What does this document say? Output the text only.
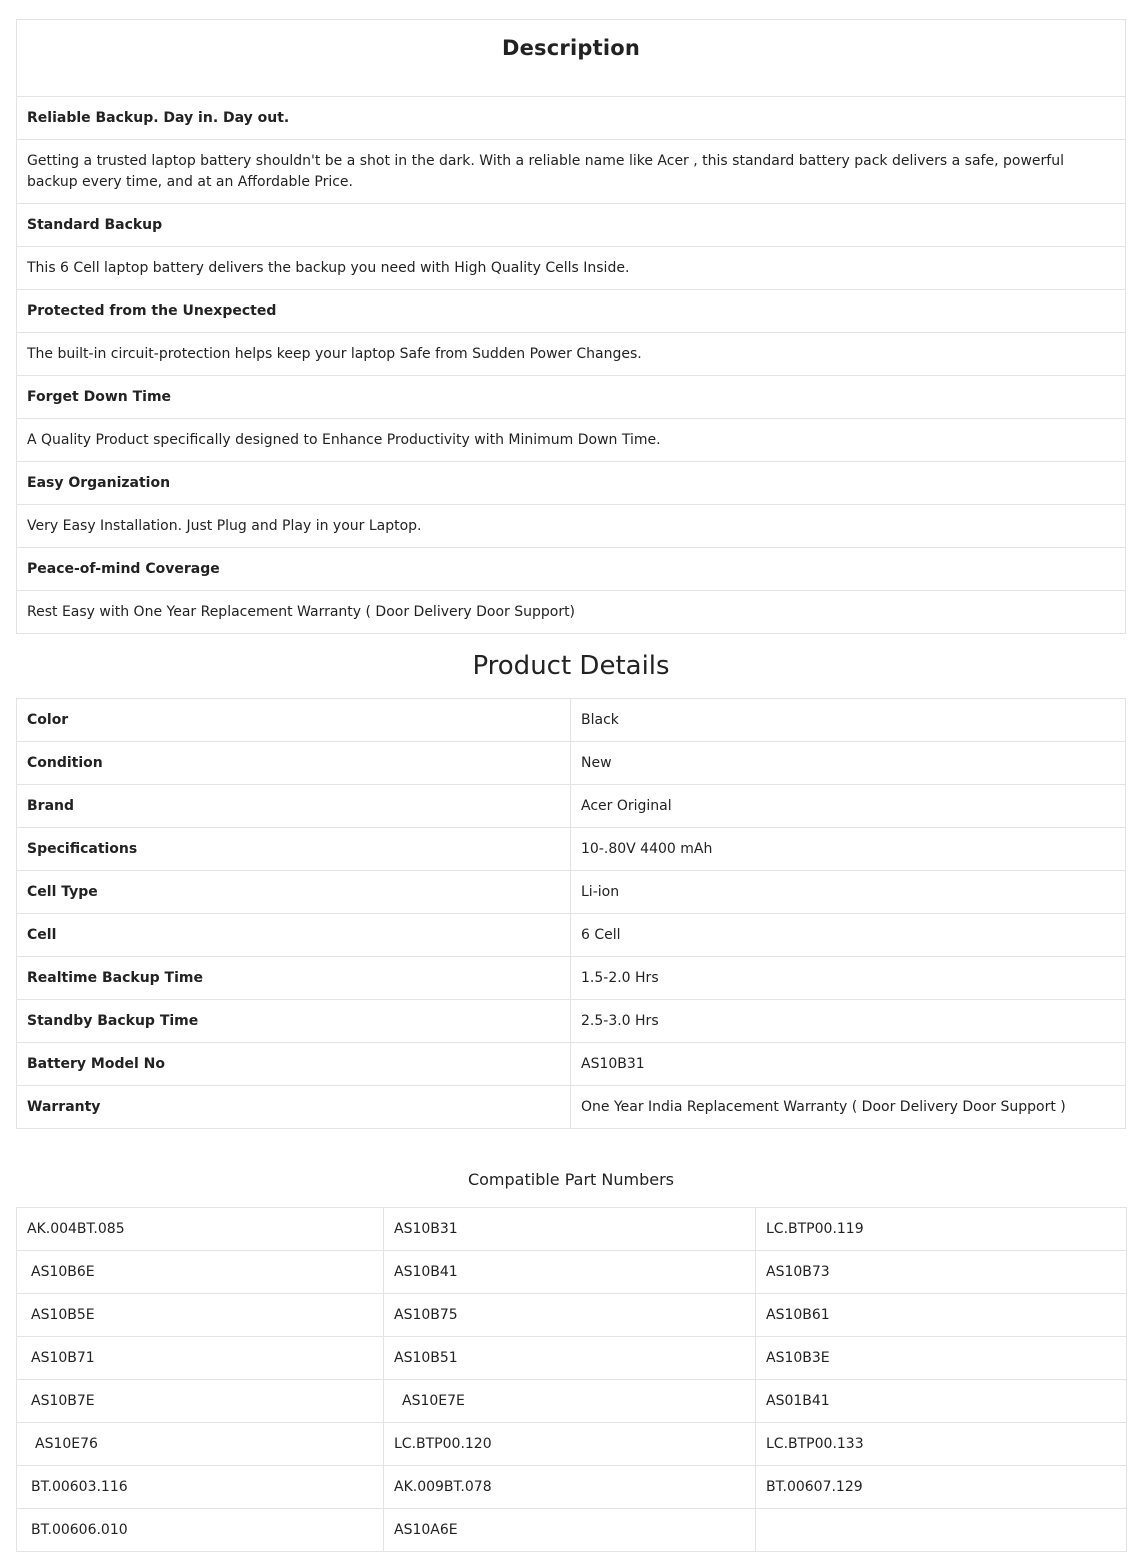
Description
Reliable Backup. Day in. Day out.
Getting a trusted laptop battery shouldn't be a shot in the dark. With a reliable name like Acer , this standard battery pack delivers a safe, powerful backup every time, and at an Affordable Price.
Standard Backup
This 6 Cell laptop battery delivers the backup you need with High Quality Cells Inside.
Protected from the Unexpected
The built-in circuit-protection helps keep your laptop Safe from Sudden Power Changes.
Forget Down Time
A Quality Product specifically designed to Enhance Productivity with Minimum Down Time.
Easy Organization
Very Easy Installation. Just Plug and Play in your Laptop.
Peace-of-mind Coverage
Rest Easy with One Year Replacement Warranty ( Door Delivery Door Support)
Product Details
Color	Black
Condition	New
Brand	Acer Original
Specifications	10-.80V 4400 mAh
Cell Type	Li-ion
Cell	6 Cell
Realtime Backup Time	1.5-2.0 Hrs
Standby Backup Time	2.5-3.0 Hrs
Battery Model No	AS10B31
Warranty	One Year India Replacement Warranty ( Door Delivery Door Support )
Compatible Part Numbers
AK.004BT.085	AS10B31	LC.BTP00.119
AS10B6E	AS10B41	AS10B73
AS10B5E	AS10B75	AS10B61
AS10B71	AS10B51	AS10B3E
AS10B7E	AS10E7E	AS01B41
AS10E76	LC.BTP00.120	LC.BTP00.133
BT.00603.116	AK.009BT.078	BT.00607.129
BT.00606.010	AS10A6E	
